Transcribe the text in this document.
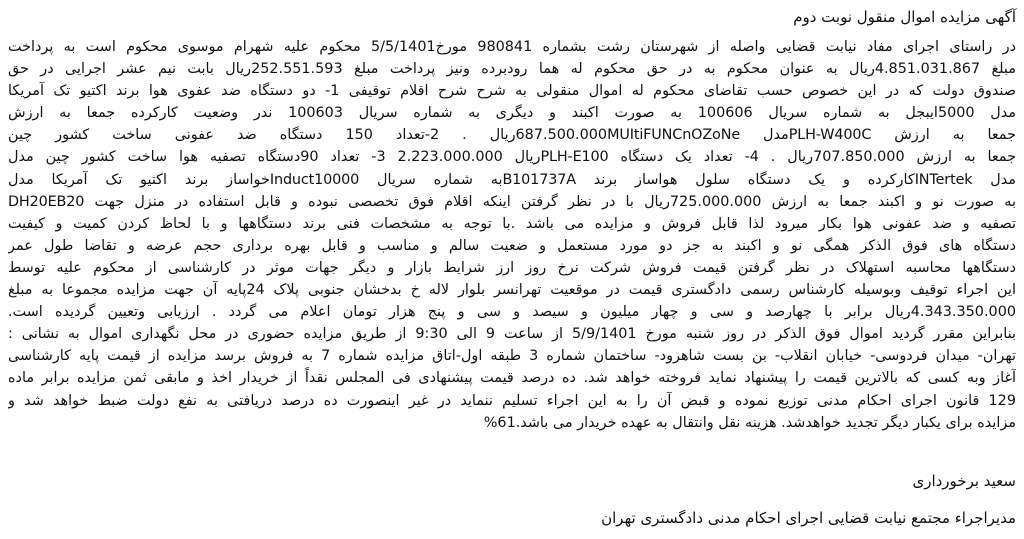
آگهی مزایده اموال منقول نوبت دوم
در راستای اجرای مفاد نیابت قضایی واصله از شهرستان رشت بشماره 980841 مورخ5/5/1401 محکوم علیه شهرام موسوی محکوم است به پرداخت
مبلغ 4.851.031.867ریال به عنوان محکوم به در حق محکوم له هما رودبرده ونیز پرداخت مبلغ 252.551.593ریال بابت نیم عشر اجرایی در حق
صندوق دولت که در این خصوص حسب تقاضای محکوم له اموال منقولی به شرح شرح اقلام توقیفی 1- دو دستگاه ضد عفوی هوا برند اکتیو تک آمریکا
مدل 5000ایبجل به شماره سریال 100606 به صورت اکبند و دیگری به شماره سریال 100603 ندر وضعیت کارکرده جمعا به ارزش
جمعا به ارزش PLH-W400Cمدل 687.500.000MUItiFUNCnOZoNeریال . 2-تعداد 150 دستگاه ضد عفونی ساخت کشور چین
جمعا به ارزش 707.850.000ریال . 4- تعداد یک دستگاه PLH-E100ریال 2.223.000.000 3- تعداد 90دستگاه تصفیه هوا ساخت کشور چین مدل
مدل INTertekکارکرده و یک دستگاه سلول هواساز برند B101737Aبه شماره سریال Induct10000خواساز برند اکتیو تک آمریکا مدل
به صورت نو و اکبند جمعا به ارزش 725.000.000ریال با در نظر گرفتن اینکه اقلام فوق تخصصی نبوده و قابل استفاده در منزل جهت DH20EB20
تصفیه و ضد عفونی هوا بکار میرود لذا قابل فروش و مزایده می باشد .با توجه به مشخصات فنی برند دستگاهها و با لحاظ کردن کمیت و کیفیت
دستگاه های فوق الذکر همگی نو و اکبند به جز دو مورد مستعمل و ضعیت سالم و مناسب و قابل بهره برداری حجم عرضه و تقاضا طول عمر
دستگاهها محاسبه استهلاک در نظر گرفتن قیمت فروش شرکت نرخ روز ارز شرایط بازار و دیگر جهات موثر در کارشناسی از محکوم علیه توسط
این اجراء توقیف وبوسیله کارشناس رسمی دادگستری قیمت در موقعیت تهرانسر بلوار لاله خ بدخشان جنوبی پلاک 24پایه آن جهت مزایده مجموعا به مبلغ
4.343.350.000ریال برابر با چهارصد و سی و چهار میلیون و سیصد و سی و پنج هزار تومان اعلام می گردد . ارزیابی وتعیین گردیده است.
بنابراین مقرر گردید اموال فوق الذکر در روز شنبه مورخ 5/9/1401 از ساعت 9 الی 9:30 از طریق مزایده حضوری در محل نگهداری اموال به نشانی :
تهران- میدان فردوسی- خیابان انقلاب- بن بست شاهرود- ساختمان شماره 3 طبقه اول-اتاق مزایده شماره 7 به فروش برسد مزایده از قیمت پایه کارشناسی
آغاز وبه کسی که بالاترین قیمت را پیشنهاد نماید فروخته خواهد شد. ده درصد قیمت پیشنهادی فی المجلس نقداً از خریدار اخذ و مابقی ثمن مزایده برابر ماده
129 قانون اجرای احکام مدنی توزیع نموده و قبض آن را به این اجراء تسلیم ننماید در غیر اینصورت ده درصد دریافتی به نفع دولت ضبط خواهد شد و
مزایده برای یکبار دیگر تجدید خواهدشد. هزینه نقل وانتقال به عهده خریدار می باشد.61%
سعید برخورداری
مدیراجراء مجتمع نیابت قضایی اجرای احکام مدنی دادگستری تهران
